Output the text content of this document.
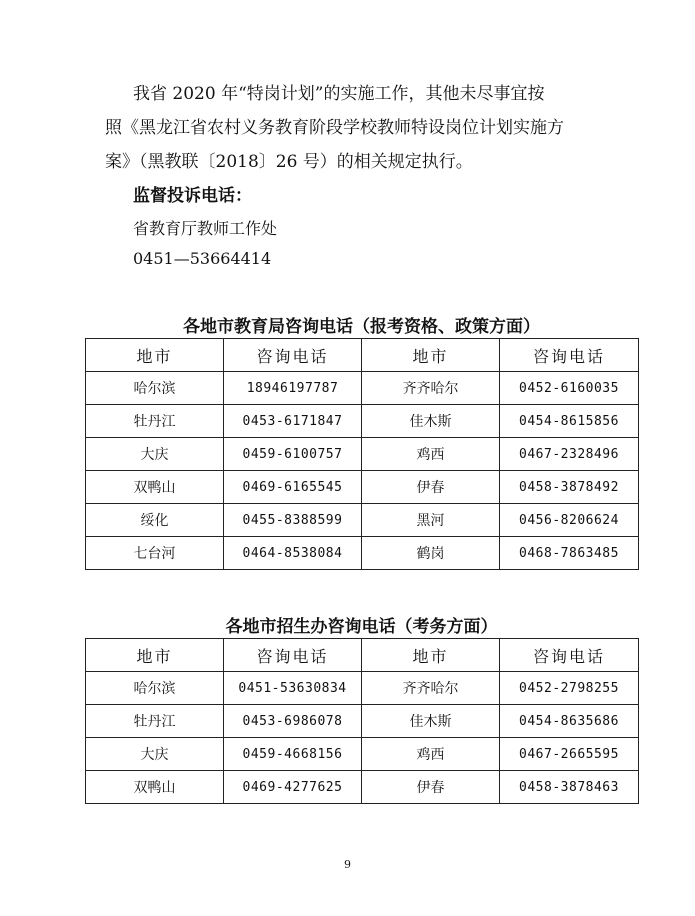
我省 2020 年“特岗计划”的实施工作，其他未尽事宜按
照《黑龙江省农村义务教育阶段学校教师特设岗位计划实施方
案》（黑教联〔2018〕26 号）的相关规定执行。
监督投诉电话：
省教育厅教师工作处
0451—53664414
各地市教育局咨询电话（报考资格、政策方面）
地市	咨询电话	地市	咨询电话
哈尔滨	18946197787	齐齐哈尔	0452-6160035
牡丹江	0453-6171847	佳木斯	0454-8615856
大庆	0459-6100757	鸡西	0467-2328496
双鸭山	0469-6165545	伊春	0458-3878492
绥化	0455-8388599	黑河	0456-8206624
七台河	0464-8538084	鹤岗	0468-7863485
各地市招生办咨询电话（考务方面）
地市	咨询电话	地市	咨询电话
哈尔滨	0451-53630834	齐齐哈尔	0452-2798255
牡丹江	0453-6986078	佳木斯	0454-8635686
大庆	0459-4668156	鸡西	0467-2665595
双鸭山	0469-4277625	伊春	0458-3878463
9
